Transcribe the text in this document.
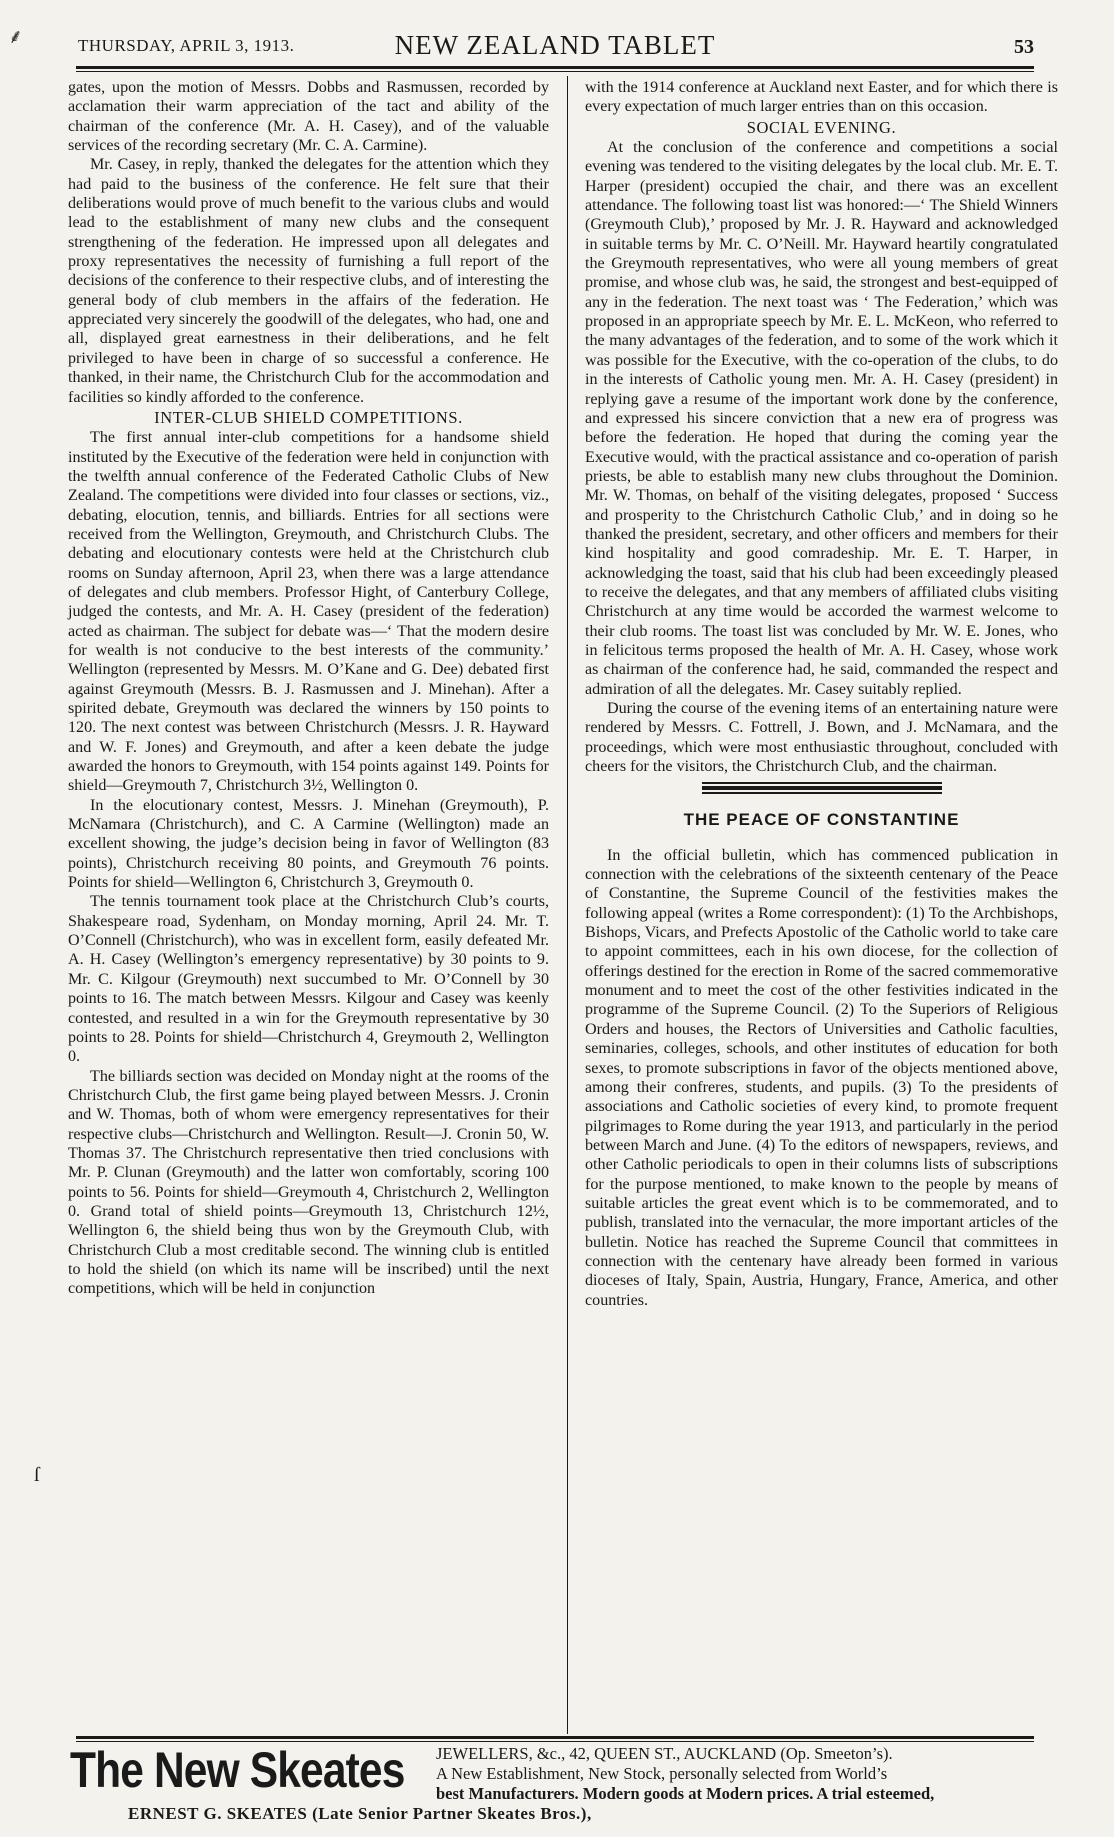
THURSDAY, APRIL 3, 1913.	NEW ZEALAND TABLET	53
⸙
ſ

gates, upon the motion of Messrs. Dobbs and Rasmussen, recorded by acclamation their warm appreciation of the tact and ability of the chairman of the conference (Mr. A. H. Casey), and of the valuable services of the recording secretary (Mr. C. A. Carmine).

Mr. Casey, in reply, thanked the delegates for the attention which they had paid to the business of the conference. He felt sure that their deliberations would prove of much benefit to the various clubs and would lead to the establishment of many new clubs and the consequent strengthening of the federation. He impressed upon all delegates and proxy representatives the necessity of furnishing a full report of the decisions of the conference to their respective clubs, and of interesting the general body of club members in the affairs of the federation. He appreciated very sincerely the goodwill of the delegates, who had, one and all, displayed great earnestness in their deliberations, and he felt privileged to have been in charge of so successful a conference. He thanked, in their name, the Christchurch Club for the accommodation and facilities so kindly afforded to the conference.

INTER-CLUB SHIELD COMPETITIONS.

The first annual inter-club competitions for a handsome shield instituted by the Executive of the federation were held in conjunction with the twelfth annual conference of the Federated Catholic Clubs of New Zealand. The competitions were divided into four classes or sections, viz., debating, elocution, tennis, and billiards. Entries for all sections were received from the Wellington, Greymouth, and Christchurch Clubs. The debating and elocutionary contests were held at the Christchurch club rooms on Sunday afternoon, April 23, when there was a large attendance of delegates and club members. Professor Hight, of Canterbury College, judged the contests, and Mr. A. H. Casey (president of the federation) acted as chairman. The subject for debate was—‘ That the modern desire for wealth is not conducive to the best interests of the community.’ Wellington (represented by Messrs. M. O’Kane and G. Dee) debated first against Greymouth (Messrs. B. J. Rasmussen and J. Minehan). After a spirited debate, Greymouth was declared the winners by 150 points to 120. The next contest was between Christchurch (Messrs. J. R. Hayward and W. F. Jones) and Greymouth, and after a keen debate the judge awarded the honors to Greymouth, with 154 points against 149. Points for shield—Greymouth 7, Christchurch 3½, Wellington 0.

In the elocutionary contest, Messrs. J. Minehan (Greymouth), P. McNamara (Christchurch), and C. A Carmine (Wellington) made an excellent showing, the judge’s decision being in favor of Wellington (83 points), Christchurch receiving 80 points, and Greymouth 76 points. Points for shield—Wellington 6, Christchurch 3, Greymouth 0.

The tennis tournament took place at the Christchurch Club’s courts, Shakespeare road, Sydenham, on Monday morning, April 24. Mr. T. O’Connell (Christchurch), who was in excellent form, easily defeated Mr. A. H. Casey (Wellington’s emergency representative) by 30 points to 9. Mr. C. Kilgour (Greymouth) next succumbed to Mr. O’Connell by 30 points to 16. The match between Messrs. Kilgour and Casey was keenly contested, and resulted in a win for the Greymouth representative by 30 points to 28. Points for shield—Christchurch 4, Greymouth 2, Wellington 0.

The billiards section was decided on Monday night at the rooms of the Christchurch Club, the first game being played between Messrs. J. Cronin and W. Thomas, both of whom were emergency representatives for their respective clubs—Christchurch and Wellington. Result—J. Cronin 50, W. Thomas 37. The Christchurch representative then tried conclusions with Mr. P. Clunan (Greymouth) and the latter won comfortably, scoring 100 points to 56. Points for shield—Greymouth 4, Christchurch 2, Wellington 0. Grand total of shield points—Greymouth 13, Christchurch 12½, Wellington 6, the shield being thus won by the Greymouth Club, with Christchurch Club a most creditable second. The winning club is entitled to hold the shield (on which its name will be inscribed) until the next competitions, which will be held in conjunction

with the 1914 conference at Auckland next Easter, and for which there is every expectation of much larger entries than on this occasion.

SOCIAL EVENING.

At the conclusion of the conference and competitions a social evening was tendered to the visiting delegates by the local club. Mr. E. T. Harper (president) occupied the chair, and there was an excellent attendance. The following toast list was honored:—‘ The Shield Winners (Greymouth Club),’ proposed by Mr. J. R. Hayward and acknowledged in suitable terms by Mr. C. O’Neill. Mr. Hayward heartily congratulated the Greymouth representatives, who were all young members of great promise, and whose club was, he said, the strongest and best-equipped of any in the federation. The next toast was ‘ The Federation,’ which was proposed in an appropriate speech by Mr. E. L. McKeon, who referred to the many advantages of the federation, and to some of the work which it was possible for the Executive, with the co-operation of the clubs, to do in the interests of Catholic young men. Mr. A. H. Casey (president) in replying gave a resume of the important work done by the conference, and expressed his sincere conviction that a new era of progress was before the federation. He hoped that during the coming year the Executive would, with the practical assistance and co-operation of parish priests, be able to establish many new clubs throughout the Dominion. Mr. W. Thomas, on behalf of the visiting delegates, proposed ‘ Success and prosperity to the Christchurch Catholic Club,’ and in doing so he thanked the president, secretary, and other officers and members for their kind hospitality and good comradeship. Mr. E. T. Harper, in acknowledging the toast, said that his club had been exceedingly pleased to receive the delegates, and that any members of affiliated clubs visiting Christchurch at any time would be accorded the warmest welcome to their club rooms. The toast list was concluded by Mr. W. E. Jones, who in felicitous terms proposed the health of Mr. A. H. Casey, whose work as chairman of the conference had, he said, commanded the respect and admiration of all the delegates. Mr. Casey suitably replied.

During the course of the evening items of an entertaining nature were rendered by Messrs. C. Fottrell, J. Bown, and J. McNamara, and the proceedings, which were most enthusiastic throughout, concluded with cheers for the visitors, the Christchurch Club, and the chairman.

THE PEACE OF CONSTANTINE

In the official bulletin, which has commenced publication in connection with the celebrations of the sixteenth centenary of the Peace of Constantine, the Supreme Council of the festivities makes the following appeal (writes a Rome correspondent): (1) To the Archbishops, Bishops, Vicars, and Prefects Apostolic of the Catholic world to take care to appoint committees, each in his own diocese, for the collection of offerings destined for the erection in Rome of the sacred commemorative monument and to meet the cost of the other festivities indicated in the programme of the Supreme Council. (2) To the Superiors of Religious Orders and houses, the Rectors of Universities and Catholic faculties, seminaries, colleges, schools, and other institutes of education for both sexes, to promote subscriptions in favor of the objects mentioned above, among their confreres, students, and pupils. (3) To the presidents of associations and Catholic societies of every kind, to promote frequent pilgrimages to Rome during the year 1913, and particularly in the period between March and June. (4) To the editors of newspapers, reviews, and other Catholic periodicals to open in their columns lists of subscriptions for the purpose mentioned, to make known to the people by means of suitable articles the great event which is to be commemorated, and to publish, translated into the vernacular, the more important articles of the bulletin. Notice has reached the Supreme Council that committees in connection with the centenary have already been formed in various dioceses of Italy, Spain, Austria, Hungary, France, America, and other countries.

The New Skeates JEWELLERS, &c., 42, QUEEN ST., AUCKLAND (Op. Smeeton’s).
A New Establishment, New Stock, personally selected from World’s
best Manufacturers. Modern goods at Modern prices. A trial esteemed,
ERNEST G. SKEATES (Late Senior Partner Skeates Bros.),
